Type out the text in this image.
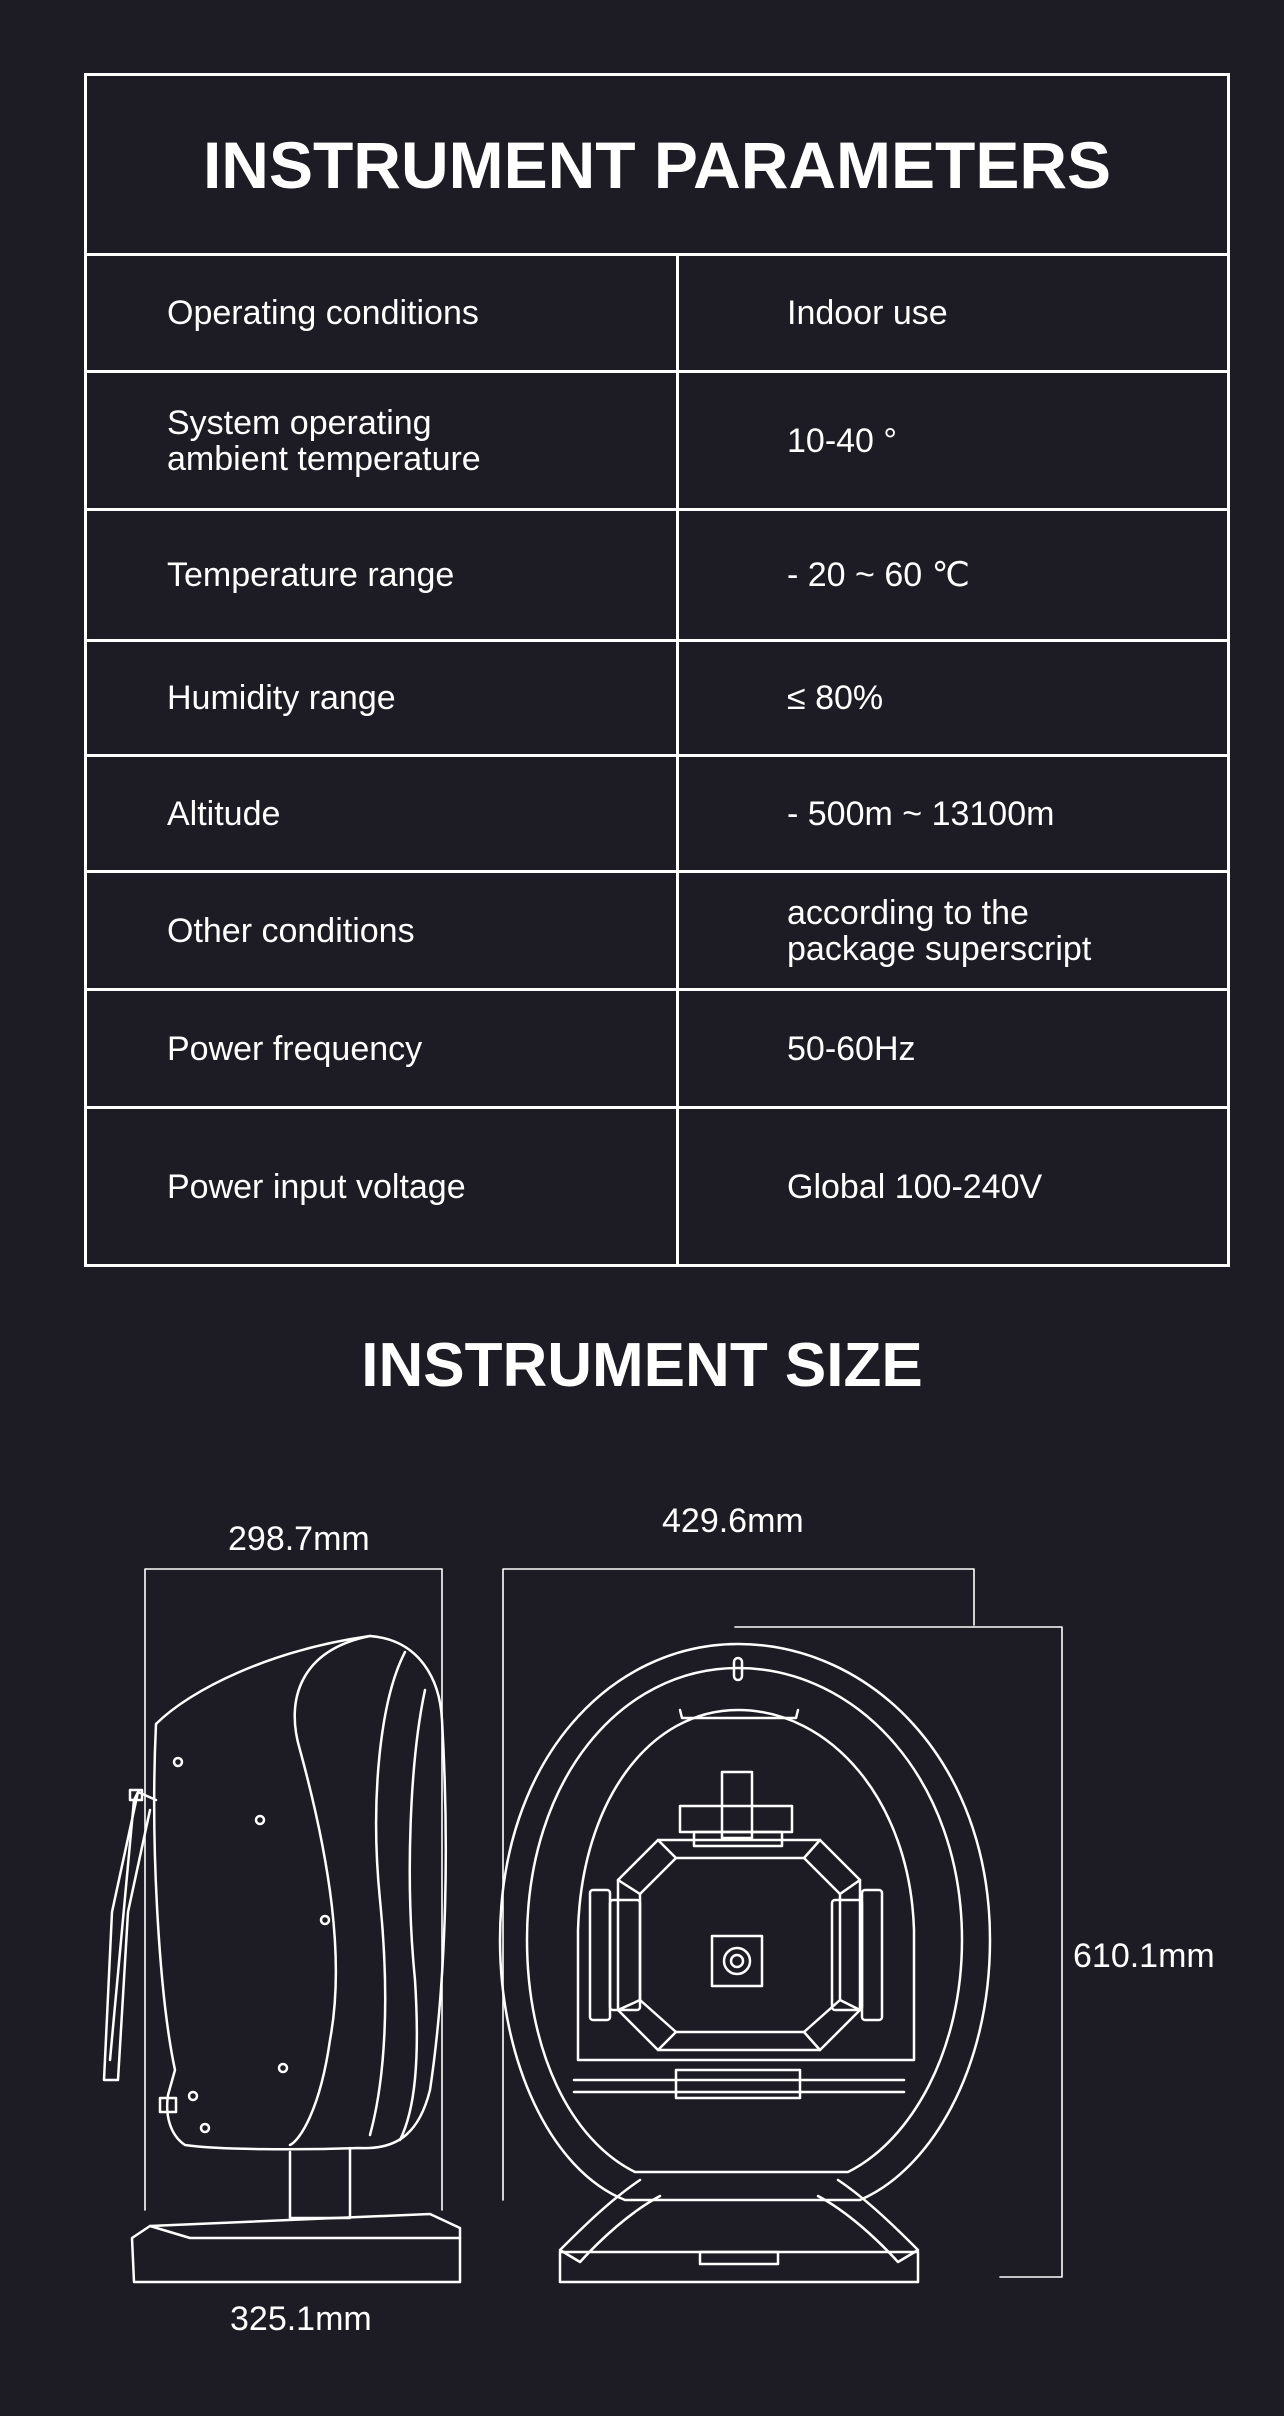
INSTRUMENT PARAMETERS
Operating conditions	Indoor use
System operating
ambient temperature	10-40 °
Temperature range	- 20 ~ 60 ℃
Humidity range	≤ 80%
Altitude	- 500m ~ 13100m
Other conditions	according to the
package superscript
Power frequency	50-60Hz
Power input voltage	Global 100-240V
INSTRUMENT SIZE
298.7mm	429.6mm
610.1mm
325.1mm
